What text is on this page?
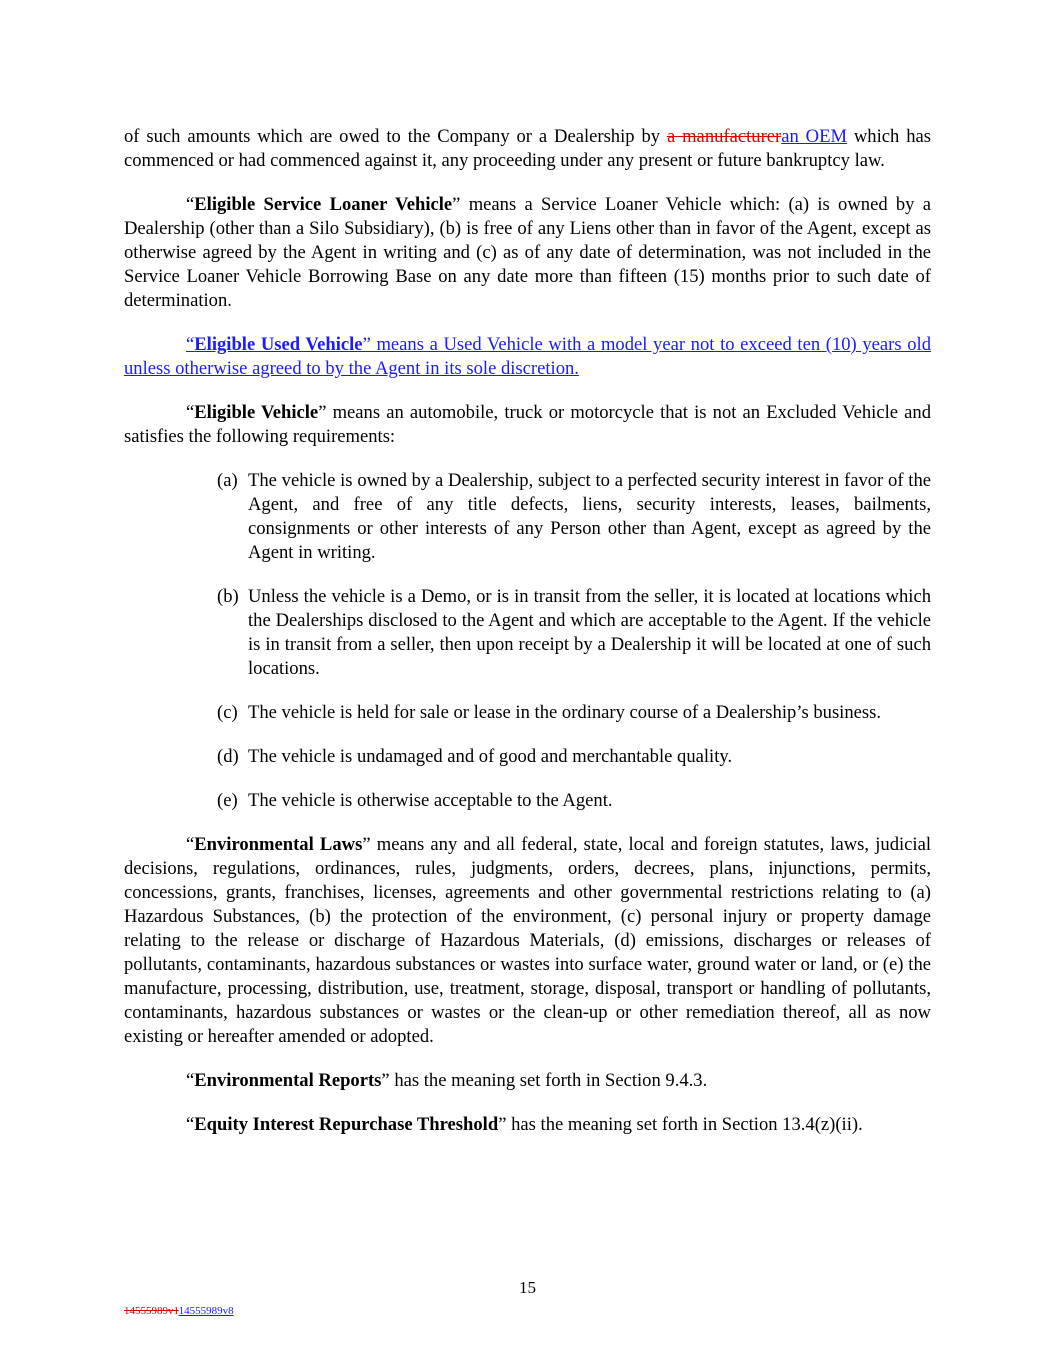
of such amounts which are owed to the Company or a Dealership by a manufactureran OEM which has commenced or had commenced against it, any proceeding under any present or future bankruptcy law.

“Eligible Service Loaner Vehicle” means a Service Loaner Vehicle which: (a) is owned by a Dealership (other than a Silo Subsidiary), (b) is free of any Liens other than in favor of the Agent, except as otherwise agreed by the Agent in writing and (c) as of any date of determination, was not included in the Service Loaner Vehicle Borrowing Base on any date more than fifteen (15) months prior to such date of determination.

“Eligible Used Vehicle” means a Used Vehicle with a model year not to exceed ten (10) years old unless otherwise agreed to by the Agent in its sole discretion.

“Eligible Vehicle” means an automobile, truck or motorcycle that is not an Excluded Vehicle and satisfies the following requirements:

(a) The vehicle is owned by a Dealership, subject to a perfected security interest in favor of the Agent, and free of any title defects, liens, security interests, leases, bailments, consignments or other interests of any Person other than Agent, except as agreed by the Agent in writing.
(b) Unless the vehicle is a Demo, or is in transit from the seller, it is located at locations which the Dealerships disclosed to the Agent and which are acceptable to the Agent. If the vehicle is in transit from a seller, then upon receipt by a Dealership it will be located at one of such locations.
(c) The vehicle is held for sale or lease in the ordinary course of a Dealership’s business.
(d) The vehicle is undamaged and of good and merchantable quality.
(e) The vehicle is otherwise acceptable to the Agent.

“Environmental Laws” means any and all federal, state, local and foreign statutes, laws, judicial decisions, regulations, ordinances, rules, judgments, orders, decrees, plans, injunctions, permits, concessions, grants, franchises, licenses, agreements and other governmental restrictions relating to (a) Hazardous Substances, (b) the protection of the environment, (c) personal injury or property damage relating to the release or discharge of Hazardous Materials, (d) emissions, discharges or releases of pollutants, contaminants, hazardous substances or wastes into surface water, ground water or land, or (e) the manufacture, processing, distribution, use, treatment, storage, disposal, transport or handling of pollutants, contaminants, hazardous substances or wastes or the clean-up or other remediation thereof, all as now existing or hereafter amended or adopted.

“Environmental Reports” has the meaning set forth in Section 9.4.3.

“Equity Interest Repurchase Threshold” has the meaning set forth in Section 13.4(z)(ii).

15
14555989v114555989v8
